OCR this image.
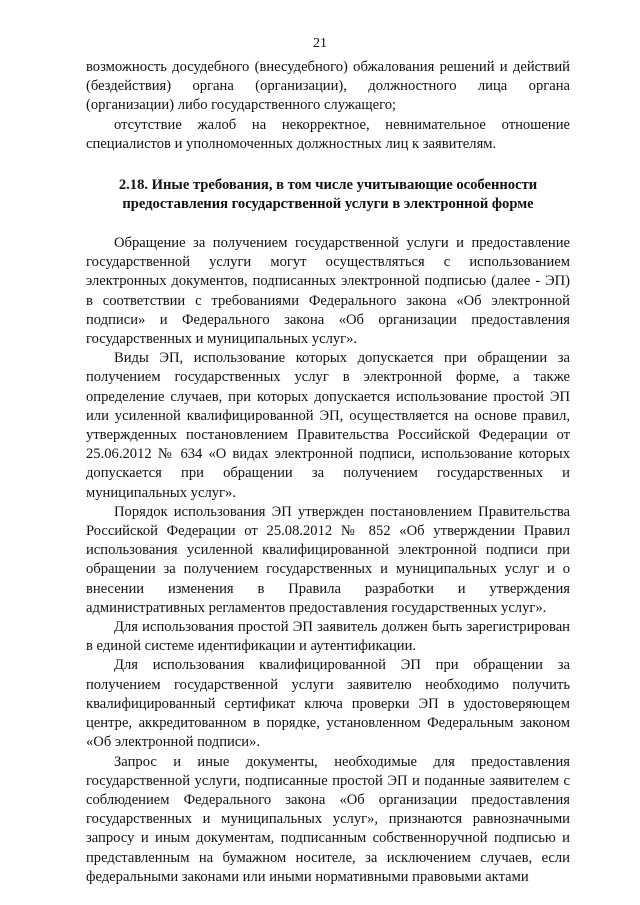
21

возможность досудебного (внесудебного) обжалования решений и действий (бездействия) органа (организации), должностного лица органа (организации) либо государственного служащего;

отсутствие жалоб на некорректное, невнимательное отношение специалистов и уполномоченных должностных лиц к заявителям.

2.18. Иные требования, в том числе учитывающие особенности предоставления государственной услуги в электронной форме

Обращение за получением государственной услуги и предоставление государственной услуги могут осуществляться с использованием электронных документов, подписанных электронной подписью (далее - ЭП) в соответствии с требованиями Федерального закона «Об электронной подписи» и Федерального закона «Об организации предоставления государственных и муниципальных услуг».

Виды ЭП, использование которых допускается при обращении за получением государственных услуг в электронной форме, а также определение случаев, при которых допускается использование простой ЭП или усиленной квалифицированной ЭП, осуществляется на основе правил, утвержденных постановлением Правительства Российской Федерации от 25.06.2012 № 634 «О видах электронной подписи, использование которых допускается при обращении за получением государственных и муниципальных услуг».

Порядок использования ЭП утвержден постановлением Правительства Российской Федерации от 25.08.2012 № 852 «Об утверждении Правил использования усиленной квалифицированной электронной подписи при обращении за получением государственных и муниципальных услуг и о внесении изменения в Правила разработки и утверждения административных регламентов предоставления государственных услуг».

Для использования простой ЭП заявитель должен быть зарегистрирован в единой системе идентификации и аутентификации.

Для использования квалифицированной ЭП при обращении за получением государственной услуги заявителю необходимо получить квалифицированный сертификат ключа проверки ЭП в удостоверяющем центре, аккредитованном в порядке, установленном Федеральным законом «Об электронной подписи».

Запрос и иные документы, необходимые для предоставления государственной услуги, подписанные простой ЭП и поданные заявителем с соблюдением Федерального закона «Об организации предоставления государственных и муниципальных услуг», признаются равнозначными запросу и иным документам, подписанным собственноручной подписью и представленным на бумажном носителе, за исключением случаев, если федеральными законами или иными нормативными правовыми актами
